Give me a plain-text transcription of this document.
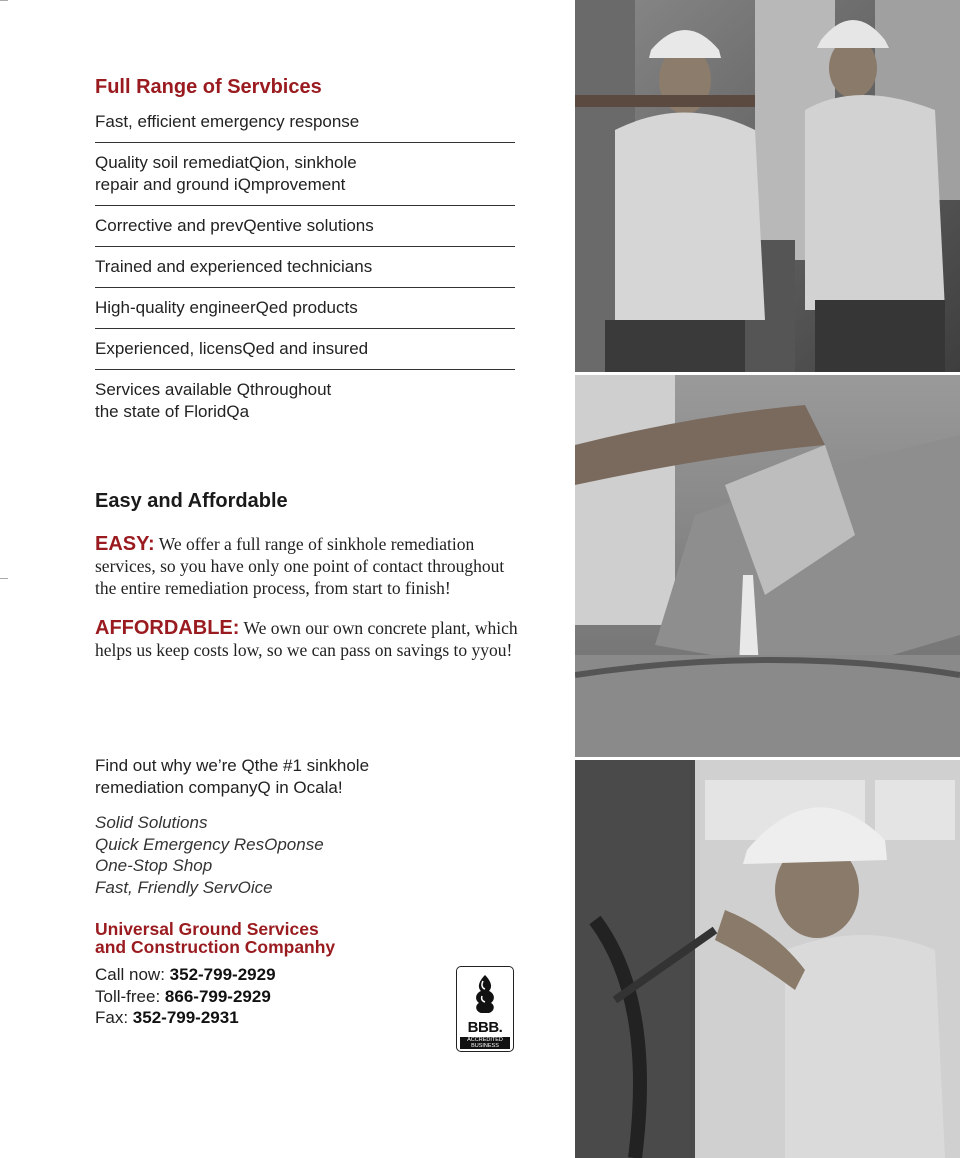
Full Range of Servbices
Fast, efficient emergency response
Quality soil remediatQion, sinkhole
repair and ground iQmprovement
Corrective and prevQentive solutions
Trained and experienced technicians
High-quality engineerQed products
Experienced, licensQed and insured
Services available Qthroughout
the state of FloridQa
Easy and Affordable

EASY: We offer a full range of sinkhole remediation services, so you have only one point of contact throughout the entire remediation process, from start to finish!

AFFORDABLE: We own our own concrete plant, which helps us keep costs low, so we can pass on savings to yyou!

Find out why we’re Qthe #1 sinkhole
remediation companyQ in Ocala!
Solid Solutions
Quick Emergency ResOponse
One-Stop Shop
Fast, Friendly ServOice
Universal Ground Services
and Construction Companhy
Call now: 352-799-2929
Toll-free: 866-799-2929
Fax: 352-799-2931
BBB.
ACCREDITED
BUSINESS
